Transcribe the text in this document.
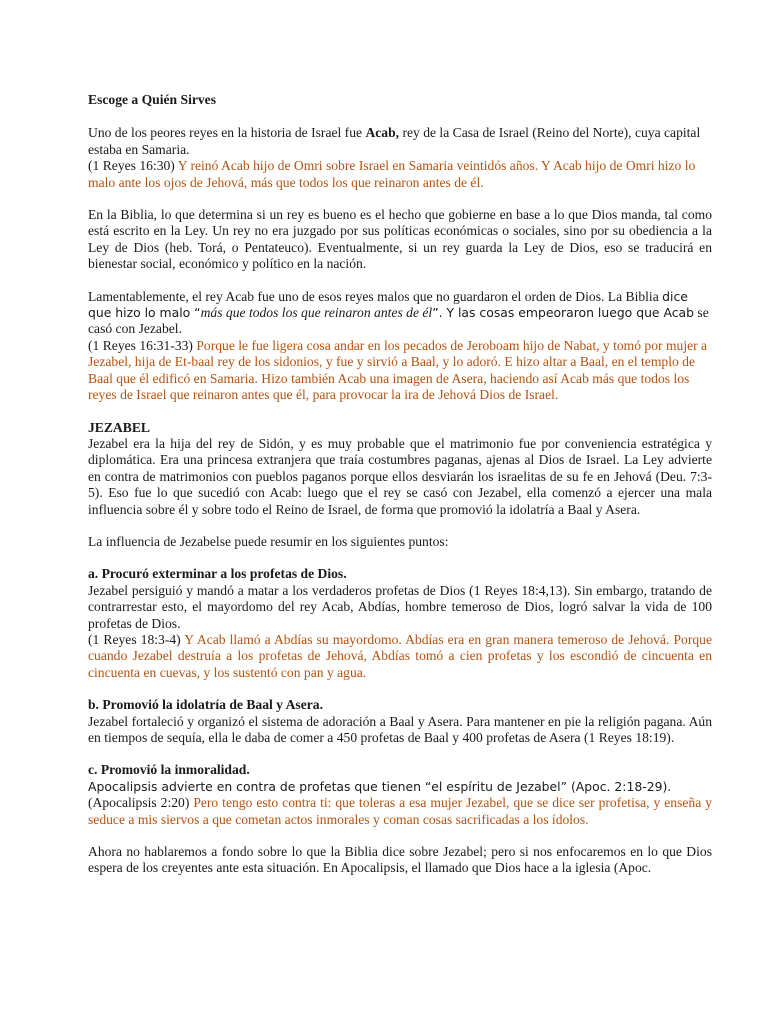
Escoge a Quién Sirves

Uno de los peores reyes en la historia de Israel fue Acab, rey de la Casa de Israel (Reino del Norte), cuya capital estaba en Samaria.
(1 Reyes 16:30) Y reinó Acab hijo de Omri sobre Israel en Samaria veintidós años. Y Acab hijo de Omri hizo lo malo ante los ojos de Jehová, más que todos los que reinaron antes de él.

En la Biblia, lo que determina si un rey es bueno es el hecho que gobierne en base a lo que Dios manda, tal como está escrito en la Ley. Un rey no era juzgado por sus políticas económicas o sociales, sino por su obediencia a la Ley de Dios (heb. Torá, o Pentateuco). Eventualmente, si un rey guarda la Ley de Dios, eso se traducirá en bienestar social, económico y político en la nación.

Lamentablemente, el rey Acab fue uno de esos reyes malos que no guardaron el orden de Dios. La Biblia dice que hizo lo malo “más que todos los que reinaron antes de él”. Y las cosas empeoraron luego que Acab se casó con Jezabel.
(1 Reyes 16:31-33) Porque le fue ligera cosa andar en los pecados de Jeroboam hijo de Nabat, y tomó por mujer a Jezabel, hija de Et-baal rey de los sidonios, y fue y sirvió a Baal, y lo adoró. E hizo altar a Baal, en el templo de Baal que él edificó en Samaria. Hizo también Acab una imagen de Asera, haciendo así Acab más que todos los reyes de Israel que reinaron antes que él, para provocar la ira de Jehová Dios de Israel.

JEZABEL
Jezabel era la hija del rey de Sidón, y es muy probable que el matrimonio fue por conveniencia estratégica y diplomática. Era una princesa extranjera que traía costumbres paganas, ajenas al Dios de Israel. La Ley advierte en contra de matrimonios con pueblos paganos porque ellos desviarán los israelitas de su fe en Jehová (Deu. 7:3-5). Eso fue lo que sucedió con Acab: luego que el rey se casó con Jezabel, ella comenzó a ejercer una mala influencia sobre él y sobre todo el Reino de Israel, de forma que promovió la idolatría a Baal y Asera.

La influencia de Jezabelse puede resumir en los siguientes puntos:

a. Procuró exterminar a los profetas de Dios.
Jezabel persiguió y mandó a matar a los verdaderos profetas de Dios (1 Reyes 18:4,13). Sin embargo, tratando de contrarrestar esto, el mayordomo del rey Acab, Abdías, hombre temeroso de Dios, logró salvar la vida de 100 profetas de Dios.
(1 Reyes 18:3-4) Y Acab llamó a Abdías su mayordomo. Abdías era en gran manera temeroso de Jehová. Porque cuando Jezabel destruía a los profetas de Jehová, Abdías tomó a cien profetas y los escondió de cincuenta en cincuenta en cuevas, y los sustentó con pan y agua.

b. Promovió la idolatría de Baal y Asera.
Jezabel fortaleció y organizó el sistema de adoración a Baal y Asera. Para mantener en pie la religión pagana. Aún en tiempos de sequía, ella le daba de comer a 450 profetas de Baal y 400 profetas de Asera (1 Reyes 18:19).

c. Promovió la inmoralidad.
Apocalipsis advierte en contra de profetas que tienen “el espíritu de Jezabel” (Apoc. 2:18-29).
(Apocalipsis 2:20) Pero tengo esto contra ti: que toleras a esa mujer Jezabel, que se dice ser profetisa, y enseña y seduce a mis siervos a que cometan actos inmorales y coman cosas sacrificadas a los ídolos.

Ahora no hablaremos a fondo sobre lo que la Biblia dice sobre Jezabel; pero si nos enfocaremos en lo que Dios espera de los creyentes ante esta situación. En Apocalipsis, el llamado que Dios hace a la iglesia (Apoc.
